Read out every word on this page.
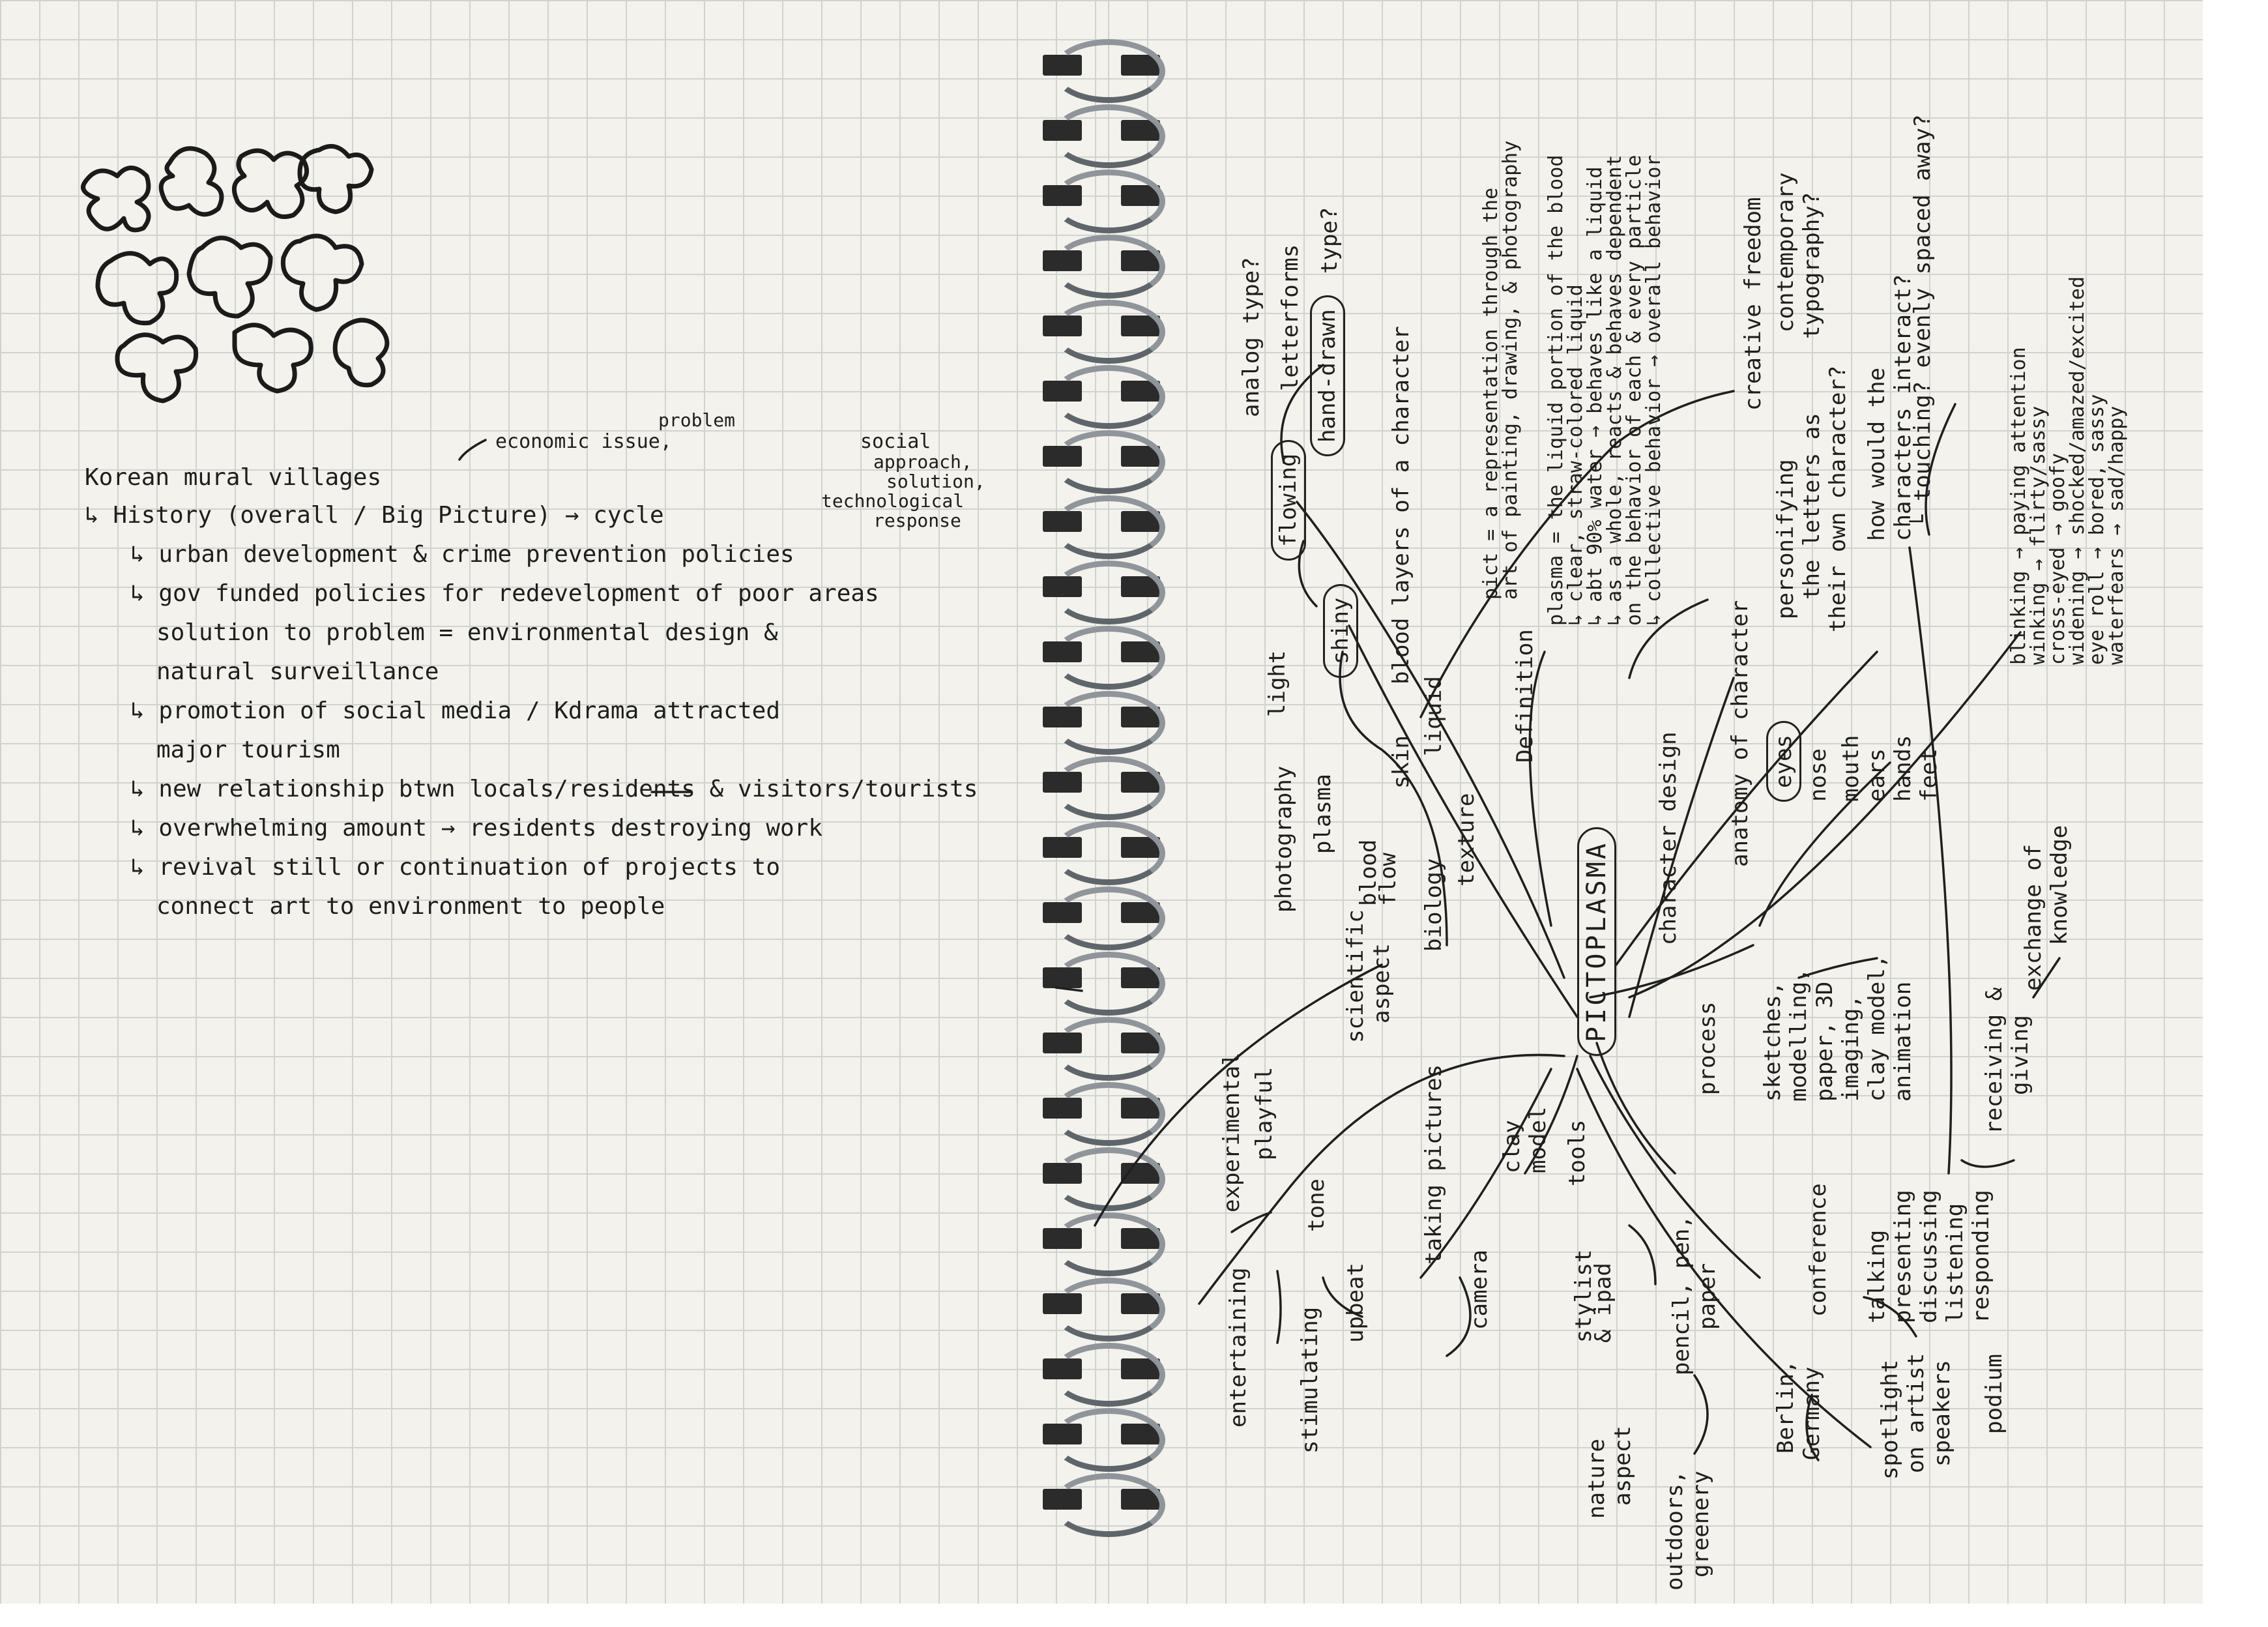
economic issue,
problem
social
approach,
solution,
technological
response
Korean mural villages
↳ History (overall / Big Picture) → cycle
↳ urban development & crime prevention policies
↳ gov funded policies for redevelopment of poor areas
solution to problem = environmental design &
natural surveillance
↳ promotion of social media / Kdrama attracted
major tourism
↳ new relationship btwn locals/residents & visitors/tourists
↳ overwhelming amount → residents destroying work
↳ revival still or continuation of projects to
connect art to environment to people
analog type? letterforms hand-drawn
type?
flowing
shiny blood
layers of a character
skin
liquid
texture
biology
photography
light
plasma
blood
flow
scientific aspect
pict = a representation through the
art of painting, drawing, & photography plasma = the liquid portion of the blood
↳ clear, straw-colored liquid
↳ abt 90% water → behaves like a liquid
↳ as a whole, reacts & behaves dependent
on the behavior of each & every particle
↳ collective behavior → overall behavior
Definition
creative freedom contemporary typography?
character design anatomy of character
personifying the letters as their own character? how would the characters interact?
└ touching? evenly spaced away?
eyes nose mouth ears hands feet
blinking → paying attention
winking → flirty/sassy
cross-eyed → goofy
widening → shocked/amazed/excited
eye roll → bored, sassy
waterfears → sad/happy
PICTOPLASMA
process sketches, modelling, paper, 3D imaging, clay model, animation	receiving & giving
exchange of knowledge
experimental playful
tone
entertaining stimulating
upbeat
taking pictures
camera
clay model tools
stylist
& ipad pencil, pen, paper	conference talking presenting discussing listening responding
podium
Berlin, Germany spotlight on artist speakers
nature aspect
outdoors, greenery
